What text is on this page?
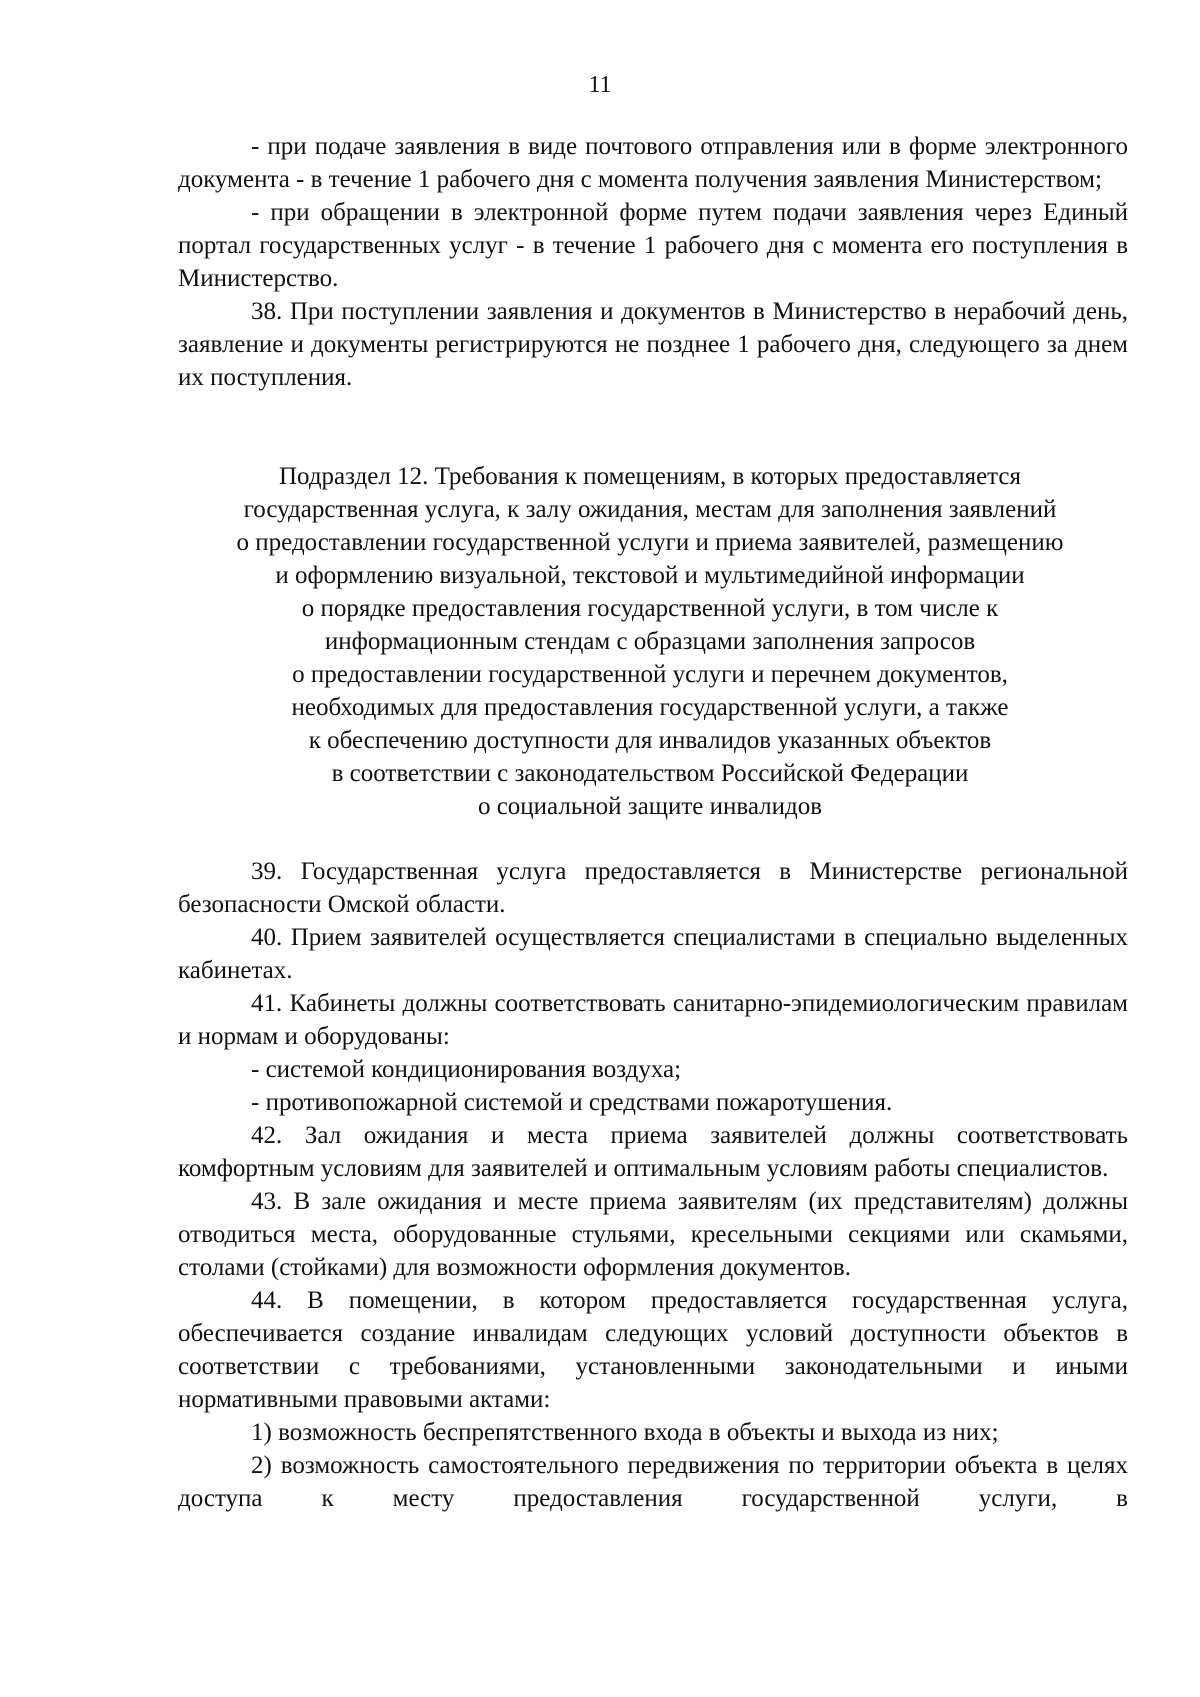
11

- при подаче заявления в виде почтового отправления или в форме электронного документа - в течение 1 рабочего дня с момента получения заявления Министерством;

- при обращении в электронной форме путем подачи заявления через Единый портал государственных услуг - в течение 1 рабочего дня с момента его поступления в Министерство.

38. При поступлении заявления и документов в Министерство в нерабочий день, заявление и документы регистрируются не позднее 1 рабочего дня, следующего за днем их поступления.

Подраздел 12. Требования к помещениям, в которых предоставляется
государственная услуга, к залу ожидания, местам для заполнения заявлений
о предоставлении государственной услуги и приема заявителей, размещению
и оформлению визуальной, текстовой и мультимедийной информации
о порядке предоставления государственной услуги, в том числе к
информационным стендам с образцами заполнения запросов
о предоставлении государственной услуги и перечнем документов,
необходимых для предоставления государственной услуги, а также
к обеспечению доступности для инвалидов указанных объектов
в соответствии с законодательством Российской Федерации
о социальной защите инвалидов

39. Государственная услуга предоставляется в Министерстве региональной безопасности Омской области.

40. Прием заявителей осуществляется специалистами в специально выделенных кабинетах.

41. Кабинеты должны соответствовать санитарно-эпидемиологическим правилам и нормам и оборудованы:

- системой кондиционирования воздуха;

- противопожарной системой и средствами пожаротушения.

42. Зал ожидания и места приема заявителей должны соответствовать комфортным условиям для заявителей и оптимальным условиям работы специалистов.

43. В зале ожидания и месте приема заявителям (их представителям) должны отводиться места, оборудованные стульями, кресельными секциями или скамьями, столами (стойками) для возможности оформления документов.

44. В помещении, в котором предоставляется государственная услуга, обеспечивается создание инвалидам следующих условий доступности объектов в соответствии с требованиями, установленными законодательными и иными нормативными правовыми актами:

1) возможность беспрепятственного входа в объекты и выхода из них;

2) возможность самостоятельного передвижения по территории объекта в целях доступа к месту предоставления государственной услуги, в
